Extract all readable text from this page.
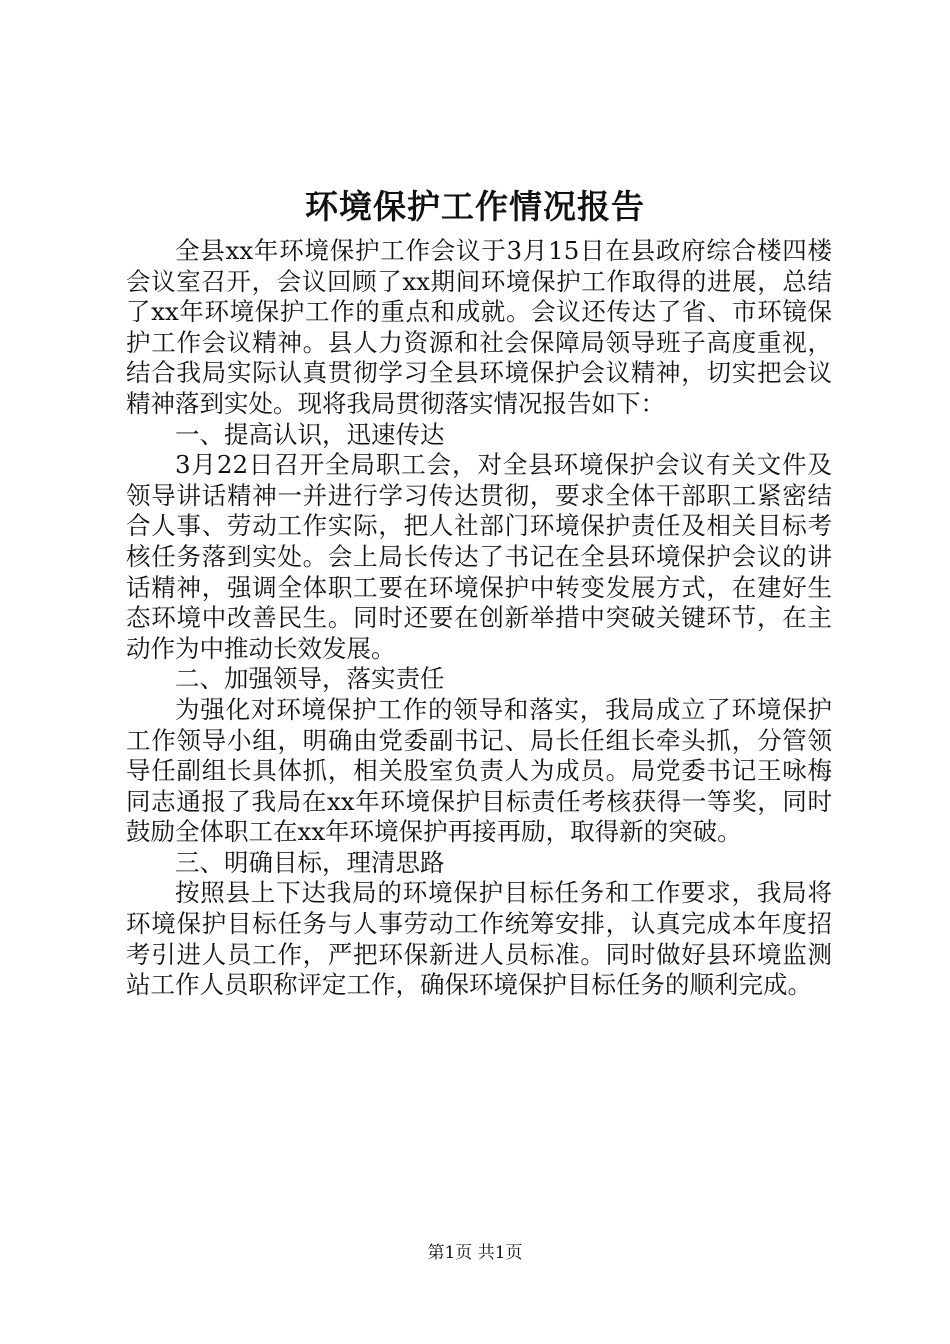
环境保护工作情况报告

全县xx年环境保护工作会议于3月15日在县政府综合楼四楼会议室召开，会议回顾了xx期间环境保护工作取得的进展，总结了xx年环境保护工作的重点和成就。会议还传达了省、市环镜保护工作会议精神。县人力资源和社会保障局领导班子高度重视，结合我局实际认真贯彻学习全县环境保护会议精神，切实把会议精神落到实处。现将我局贯彻落实情况报告如下：

一、提高认识，迅速传达

3月22日召开全局职工会，对全县环境保护会议有关文件及领导讲话精神一并进行学习传达贯彻，要求全体干部职工紧密结合人事、劳动工作实际，把人社部门环境保护责任及相关目标考核任务落到实处。会上局长传达了书记在全县环境保护会议的讲话精神，强调全体职工要在环境保护中转变发展方式，在建好生态环境中改善民生。同时还要在创新举措中突破关键环节，在主动作为中推动长效发展。

二、加强领导，落实责任

为强化对环境保护工作的领导和落实，我局成立了环境保护工作领导小组，明确由党委副书记、局长任组长牵头抓，分管领导任副组长具体抓，相关股室负责人为成员。局党委书记王咏梅同志通报了我局在xx年环境保护目标责任考核获得一等奖，同时鼓励全体职工在xx年环境保护再接再励，取得新的突破。

三、明确目标，理清思路

按照县上下达我局的环境保护目标任务和工作要求，我局将环境保护目标任务与人事劳动工作统筹安排，认真完成本年度招考引进人员工作，严把环保新进人员标准。同时做好县环境监测站工作人员职称评定工作，确保环境保护目标任务的顺利完成。

第1页 共1页
